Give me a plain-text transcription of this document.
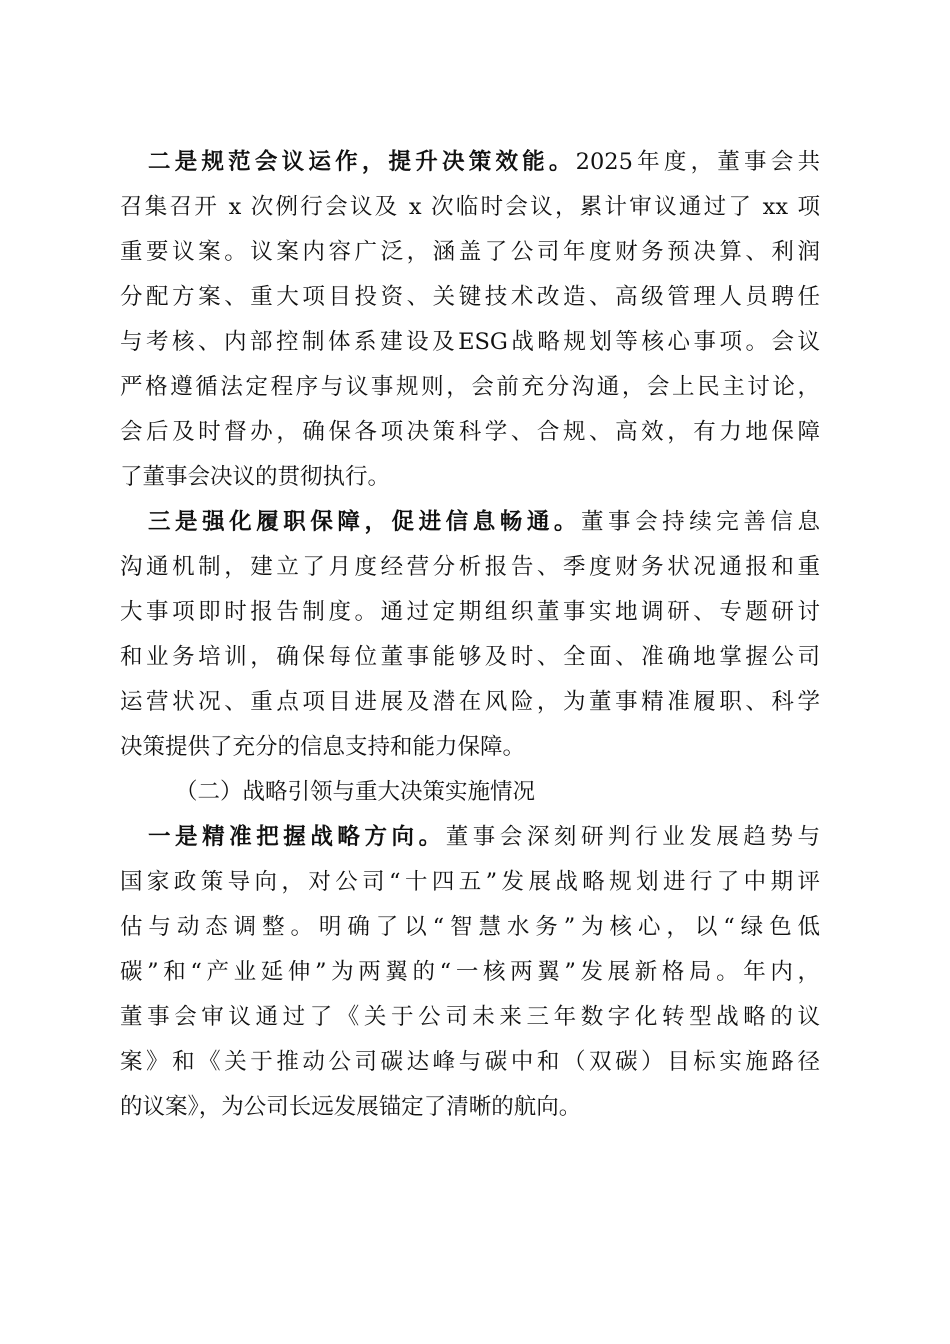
二是规范会议运作，提升决策效能。2025年度，董事会共
召集召开 x 次例行会议及 x 次临时会议，累计审议通过了 xx 项
重要议案。议案内容广泛，涵盖了公司年度财务预决算、利润
分配方案、重大项目投资、关键技术改造、高级管理人员聘任
与考核、内部控制体系建设及ESG战略规划等核心事项。会议
严格遵循法定程序与议事规则，会前充分沟通，会上民主讨论，
会后及时督办，确保各项决策科学、合规、高效，有力地保障
了董事会决议的贯彻执行。
三是强化履职保障，促进信息畅通。董事会持续完善信息
沟通机制，建立了月度经营分析报告、季度财务状况通报和重
大事项即时报告制度。通过定期组织董事实地调研、专题研讨
和业务培训，确保每位董事能够及时、全面、准确地掌握公司
运营状况、重点项目进展及潜在风险，为董事精准履职、科学
决策提供了充分的信息支持和能力保障。
（二）战略引领与重大决策实施情况
一是精准把握战略方向。董事会深刻研判行业发展趋势与
国家政策导向，对公司“十四五”发展战略规划进行了中期评
估与动态调整。明确了以“智慧水务”为核心，以“绿色低
碳”和“产业延伸”为两翼的“一核两翼”发展新格局。年内，
董事会审议通过了《关于公司未来三年数字化转型战略的议
案》和《关于推动公司碳达峰与碳中和（双碳）目标实施路径
的议案》，为公司长远发展锚定了清晰的航向。
